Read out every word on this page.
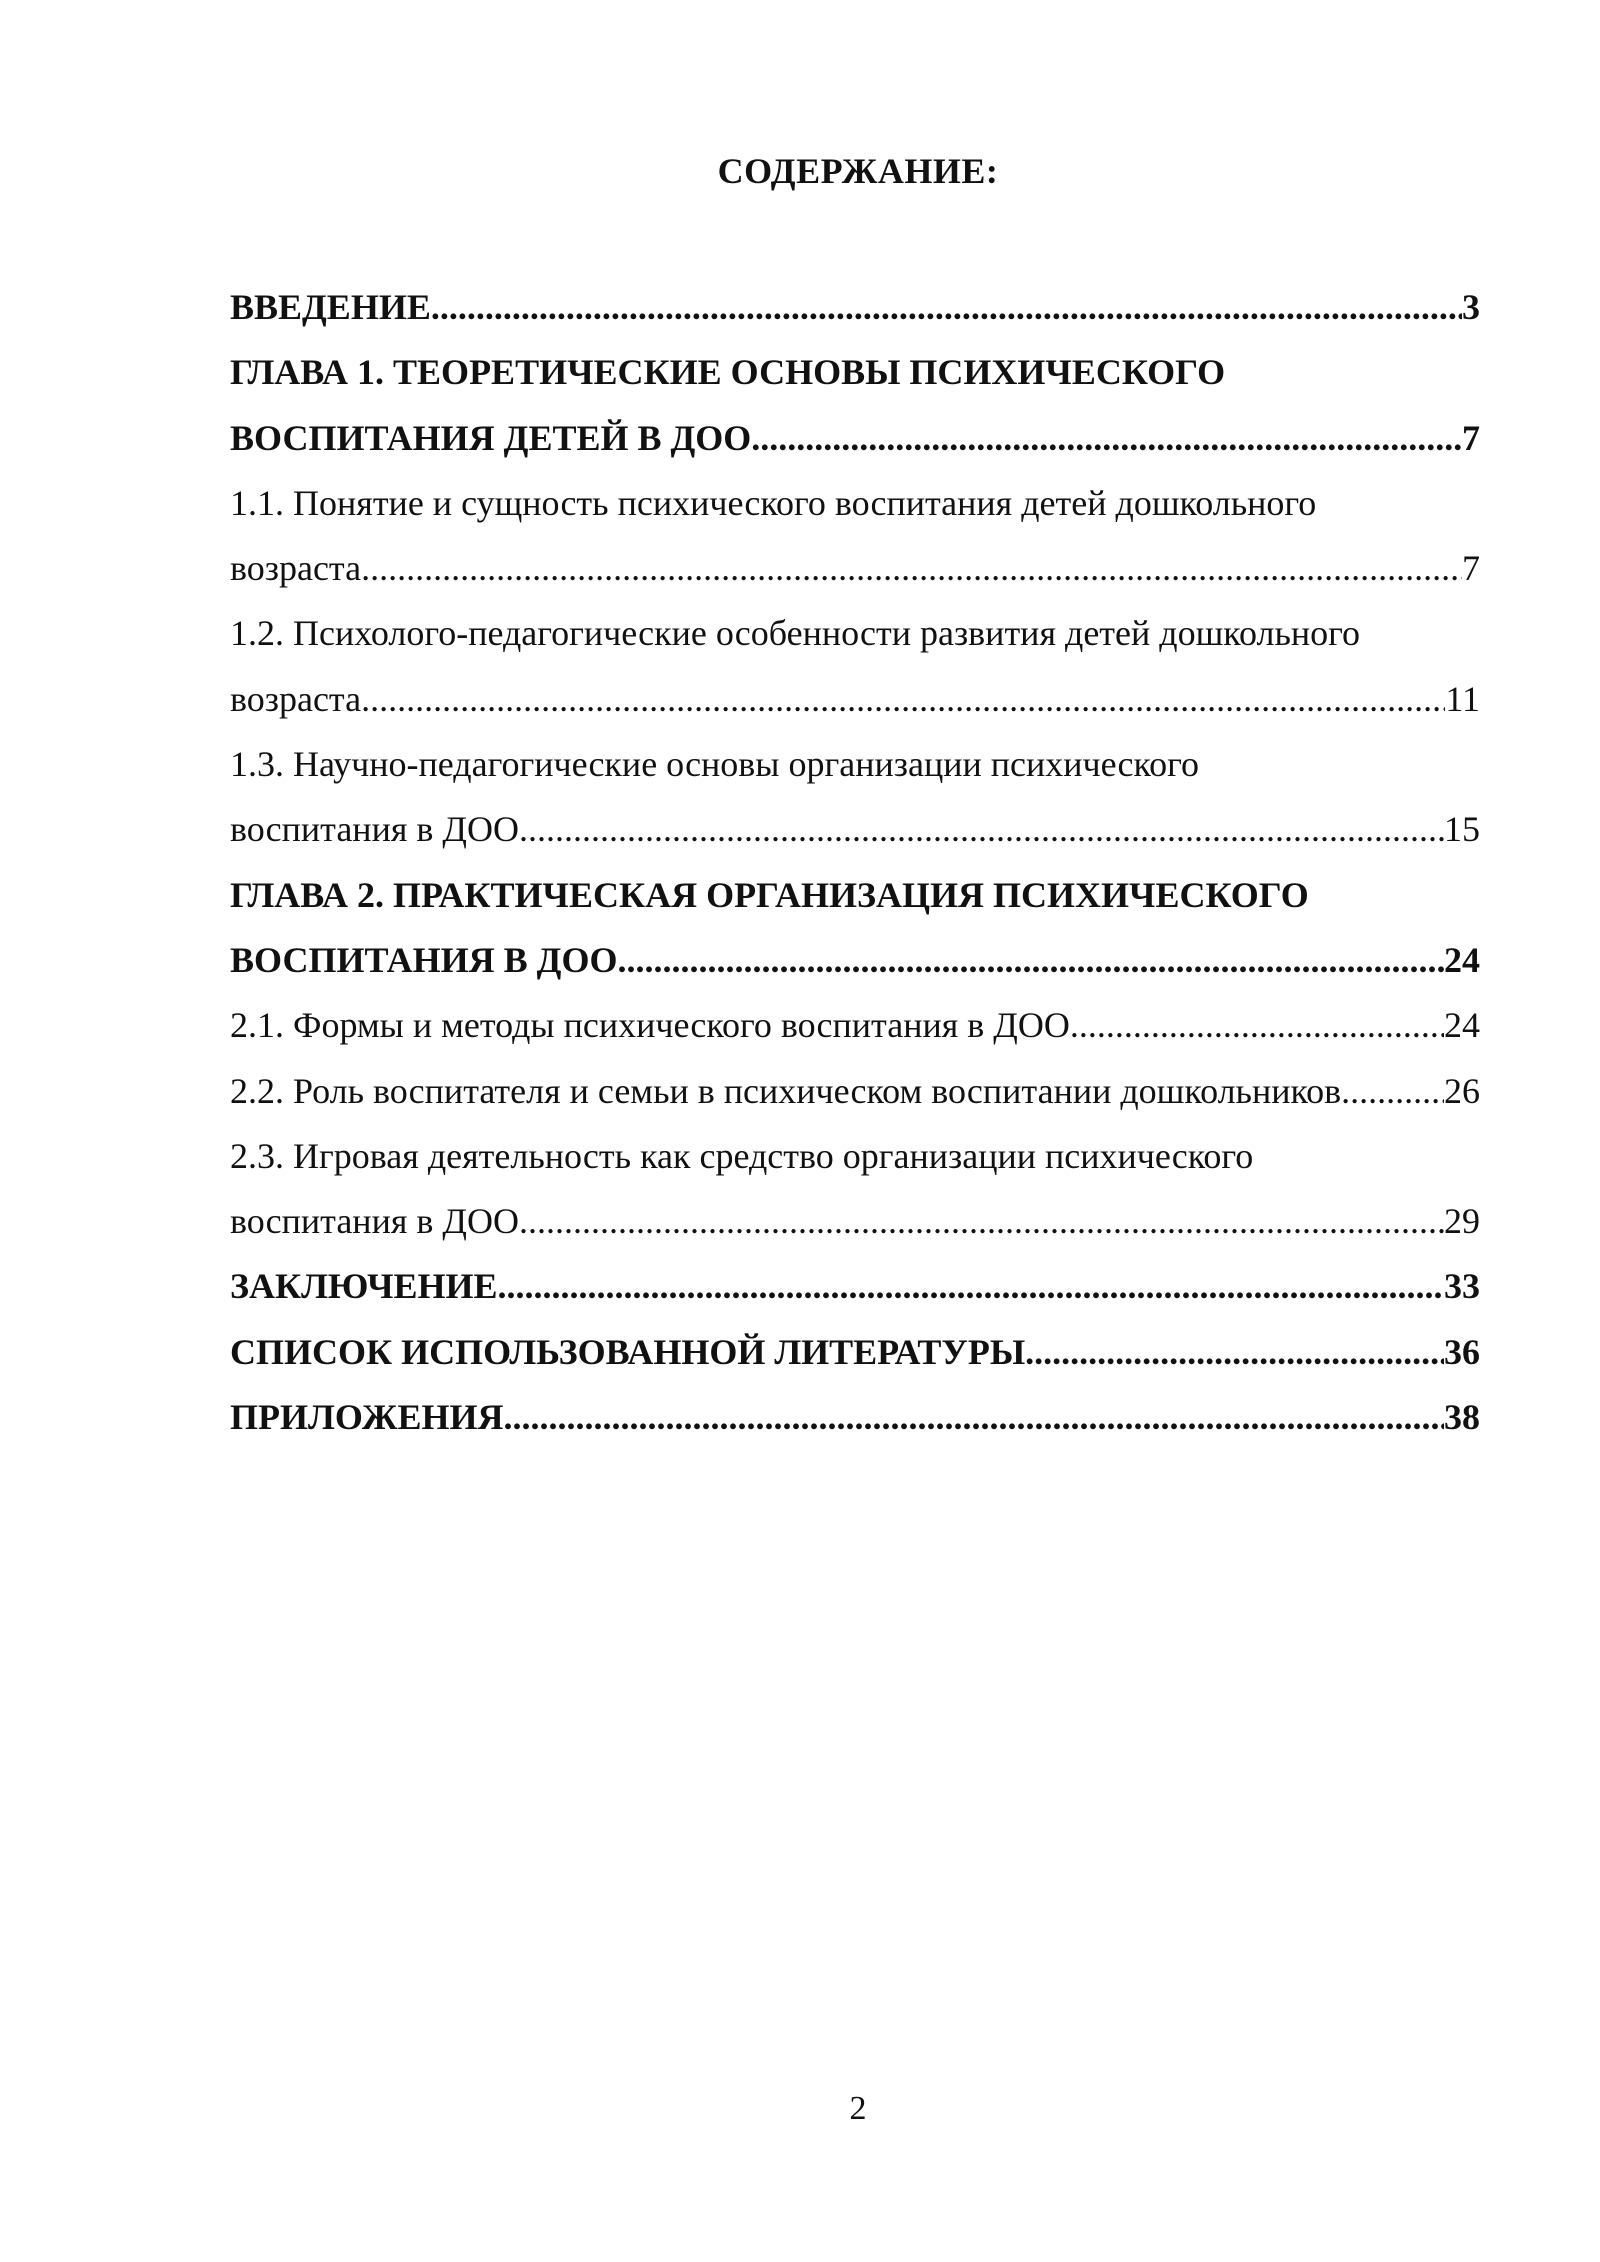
СОДЕРЖАНИЕ:
ВВЕДЕНИЕ .....	3
ГЛАВА 1. ТЕОРЕТИЧЕСКИЕ ОСНОВЫ ПСИХИЧЕСКОГО
ВОСПИТАНИЯ ДЕТЕЙ В ДОО .....	7
1.1. Понятие и сущность психического воспитания детей дошкольного
возраста .....	7
1.2. Психолого-педагогические особенности развития детей дошкольного
возраста .....	11
1.3. Научно-педагогические основы организации психического
воспитания в ДОО .....	15
ГЛАВА 2. ПРАКТИЧЕСКАЯ ОРГАНИЗАЦИЯ ПСИХИЧЕСКОГО
ВОСПИТАНИЯ В ДОО .....	24
2.1. Формы и методы психического воспитания в ДОО .....	24
2.2. Роль воспитателя и семьи в психическом воспитании дошкольников .....	26
2.3. Игровая деятельность как средство организации психического
воспитания в ДОО .....	29
ЗАКЛЮЧЕНИЕ .....	33
СПИСОК ИСПОЛЬЗОВАННОЙ ЛИТЕРАТУРЫ .....	36
ПРИЛОЖЕНИЯ .....	38
2
